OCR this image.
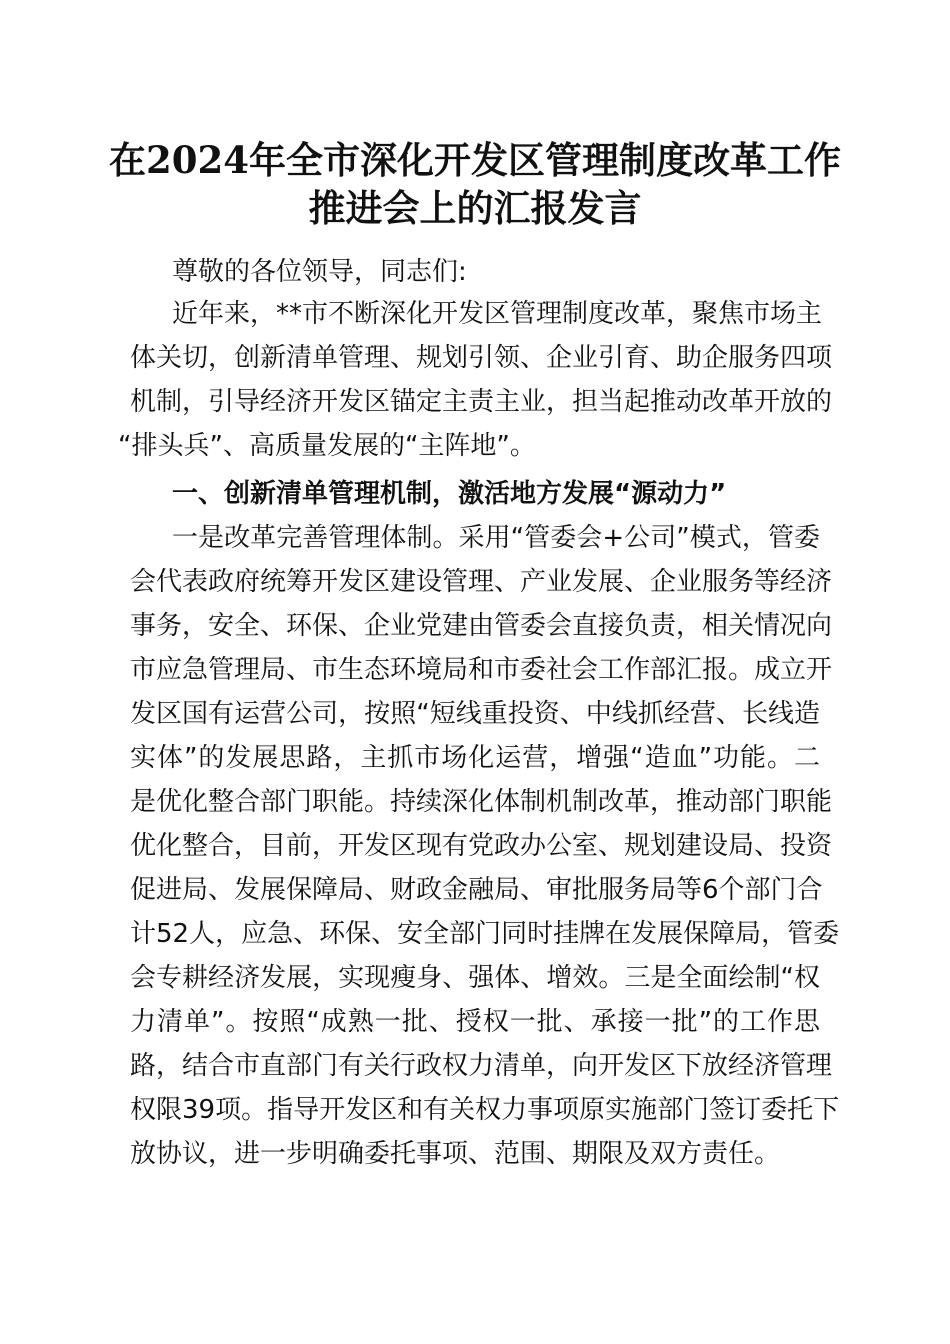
在2024年全市深化开发区管理制度改革工作
推进会上的汇报发言

尊敬的各位领导，同志们:

近年来，**市不断深化开发区管理制度改革，聚焦市场主

体关切，创新清单管理、规划引领、企业引育、助企服务四项

机制，引导经济开发区锚定主责主业，担当起推动改革开放的

“排头兵”、高质量发展的“主阵地”。

一、创新清单管理机制，激活地方发展“源动力”

一是改革完善管理体制。采用“管委会+公司”模式，管委

会代表政府统筹开发区建设管理、产业发展、企业服务等经济

事务，安全、环保、企业党建由管委会直接负责，相关情况向

市应急管理局、市生态环境局和市委社会工作部汇报。成立开

发区国有运营公司，按照“短线重投资、中线抓经营、长线造

实体”的发展思路，主抓市场化运营，增强“造血”功能。二

是优化整合部门职能。持续深化体制机制改革，推动部门职能

优化整合，目前，开发区现有党政办公室、规划建设局、投资

促进局、发展保障局、财政金融局、审批服务局等6个部门合

计52人，应急、环保、安全部门同时挂牌在发展保障局，管委

会专耕经济发展，实现瘦身、强体、增效。三是全面绘制“权

力清单”。按照“成熟一批、授权一批、承接一批”的工作思

路，结合市直部门有关行政权力清单，向开发区下放经济管理

权限39项。指导开发区和有关权力事项原实施部门签订委托下

放协议，进一步明确委托事项、范围、期限及双方责任。
